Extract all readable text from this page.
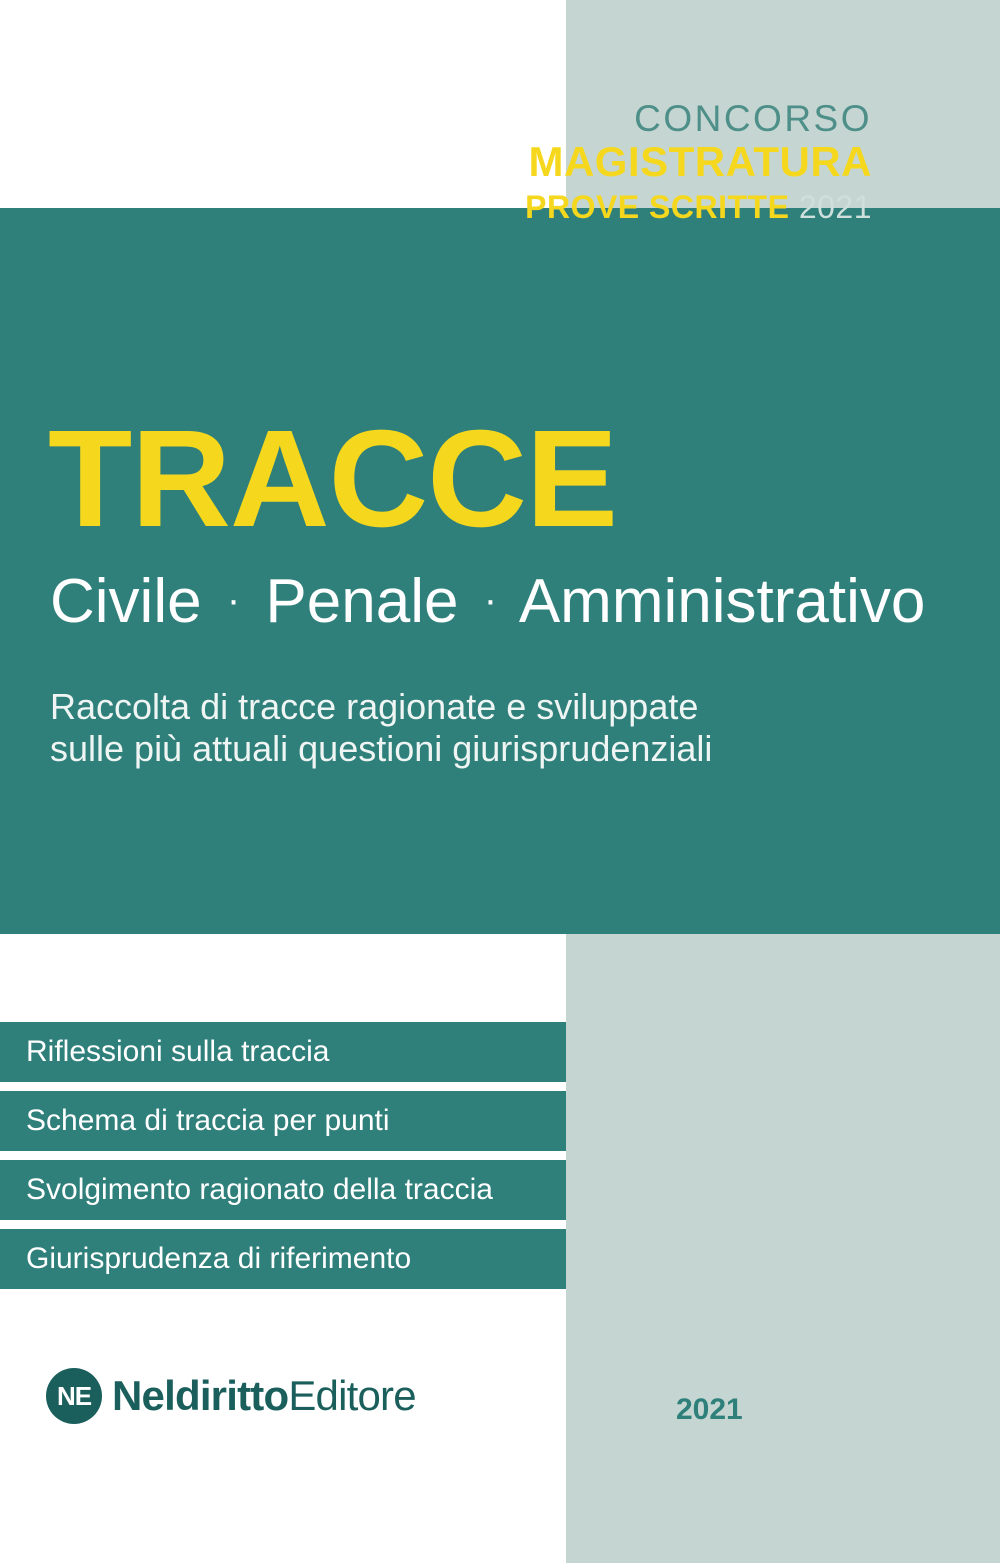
CONCORSO
MAGISTRATURA
PROVE SCRITTE 2021
TRACCE
Civile · Penale · Amministrativo
Raccolta di tracce ragionate e sviluppate
sulle più attuali questioni giurisprudenziali
Riflessioni sulla traccia
Schema di traccia per punti
Svolgimento ragionato della traccia
Giurisprudenza di riferimento
NE NeldirittoEditore	2021
